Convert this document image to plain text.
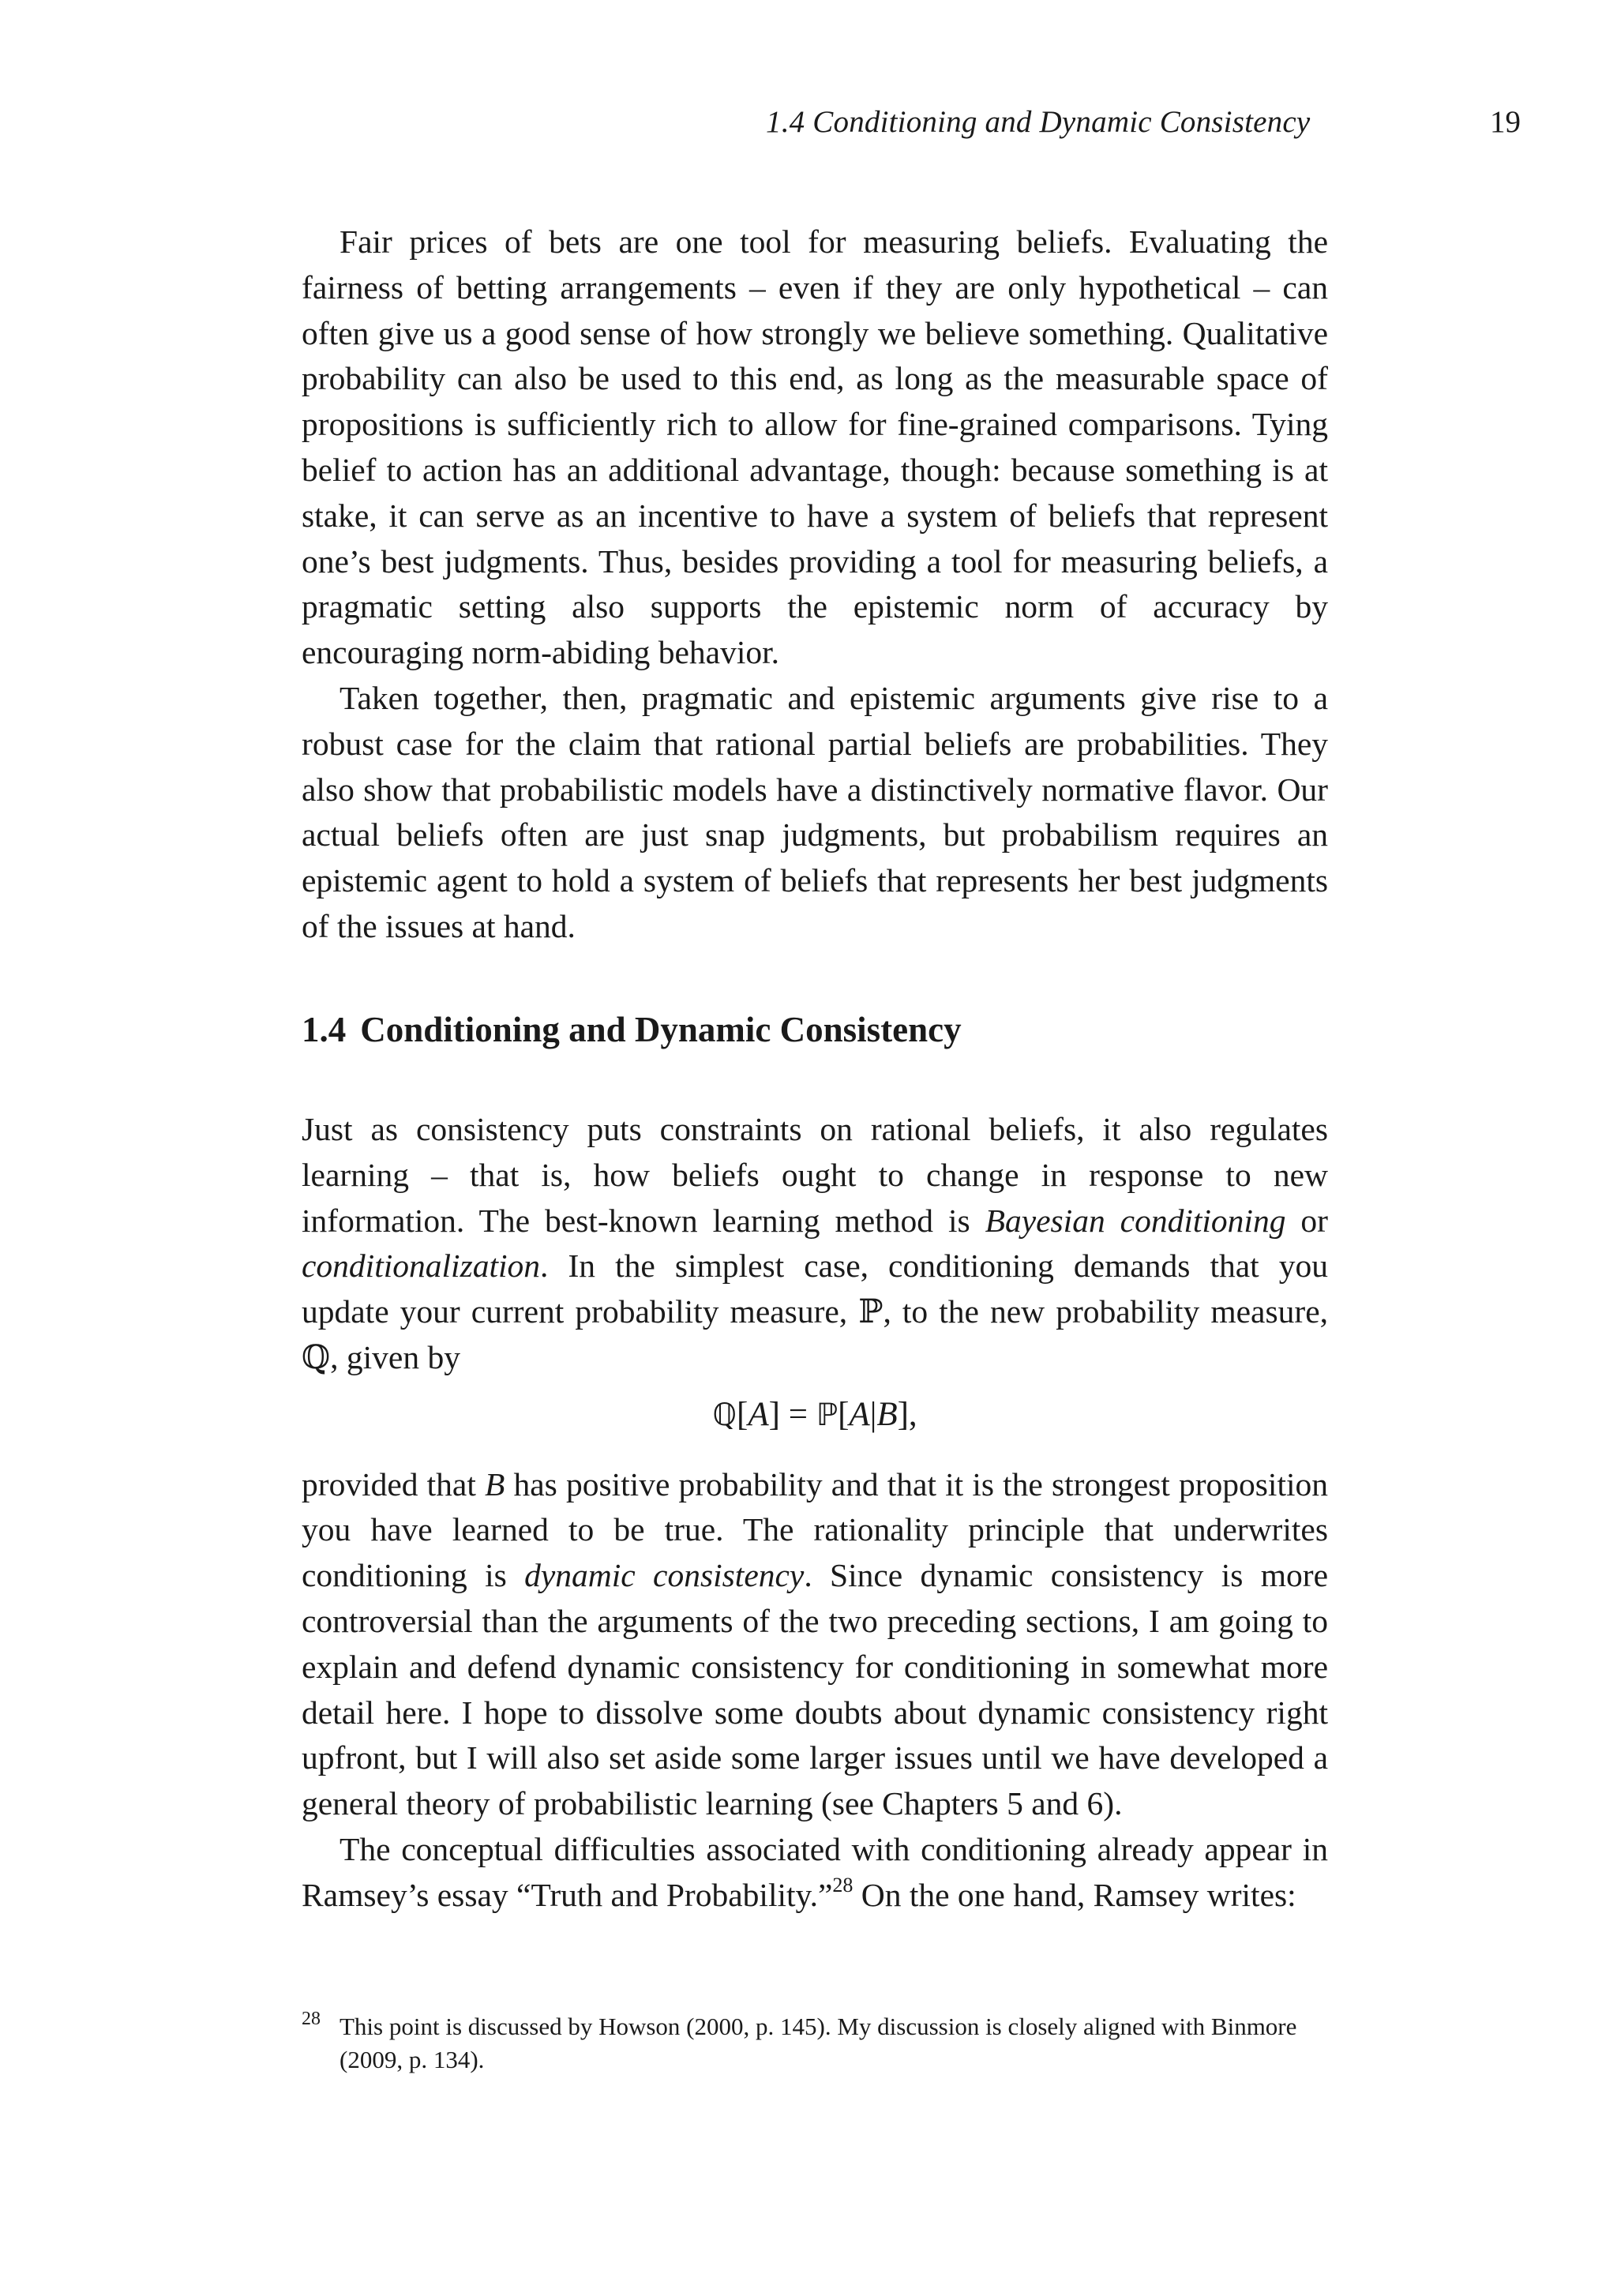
1.4 Conditioning and Dynamic Consistency	19

Fair prices of bets are one tool for measuring beliefs. Evaluating the fairness of betting arrangements – even if they are only hypothetical – can often give us a good sense of how strongly we believe something. Qualitative probability can also be used to this end, as long as the measurable space of propositions is sufficiently rich to allow for fine-grained comparisons. Tying belief to action has an additional advantage, though: because something is at stake, it can serve as an incentive to have a system of beliefs that represent one’s best judgments. Thus, besides providing a tool for measuring beliefs, a pragmatic setting also supports the epistemic norm of accuracy by encouraging norm-abiding behavior.

Taken together, then, pragmatic and epistemic arguments give rise to a robust case for the claim that rational partial beliefs are probabilities. They also show that probabilistic models have a distinctively normative flavor. Our actual beliefs often are just snap judgments, but probabilism requires an epistemic agent to hold a system of beliefs that represents her best judgments of the issues at hand.

1.4 Conditioning and Dynamic Consistency

Just as consistency puts constraints on rational beliefs, it also regulates learning – that is, how beliefs ought to change in response to new information. The best-known learning method is Bayesian conditioning or conditionalization. In the simplest case, conditioning demands that you update your current probability measure, ℙ, to the new probability measure, ℚ, given by

ℚ[A] = ℙ[A|B],

provided that B has positive probability and that it is the strongest proposition you have learned to be true. The rationality principle that underwrites conditioning is dynamic consistency. Since dynamic consistency is more controversial than the arguments of the two preceding sections, I am going to explain and defend dynamic consistency for conditioning in somewhat more detail here. I hope to dissolve some doubts about dynamic consistency right upfront, but I will also set aside some larger issues until we have developed a general theory of probabilistic learning (see Chapters 5 and 6).

The conceptual difficulties associated with conditioning already appear in Ramsey’s essay “Truth and Probability.”$^{28}$ On the one hand, Ramsey writes:

28 This point is discussed by Howson (2000, p. 145). My discussion is closely aligned with Binmore (2009, p. 134).
